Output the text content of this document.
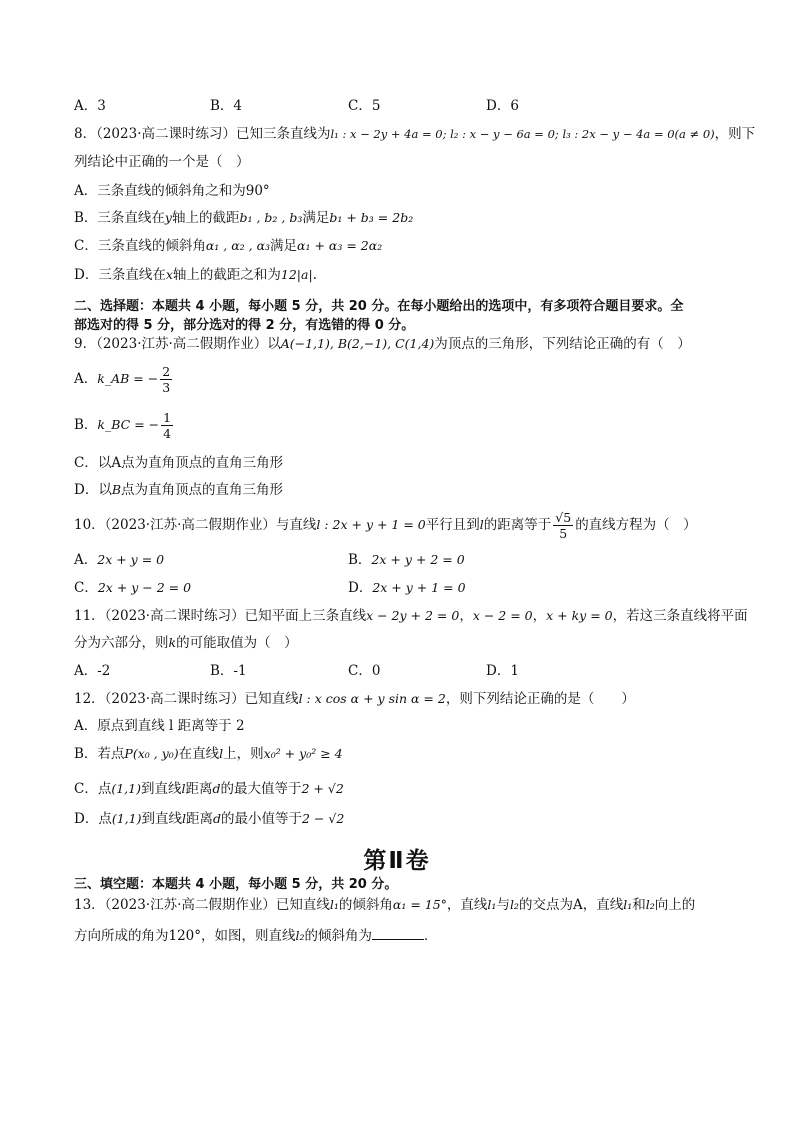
A．3	B．4	C．5	D．6
8．（2023·高二课时练习）已知三条直线为l₁ : x − 2y + 4a = 0; l₂ : x − y − 6a = 0; l₃ : 2x − y − 4a = 0(a ≠ 0)，则下
列结论中正确的一个是（　）
A．三条直线的倾斜角之和为90°
B．三条直线在y轴上的截距b₁ , b₂ , b₃满足b₁ + b₃ = 2b₂
C．三条直线的倾斜角α₁ , α₂ , α₃满足α₁ + α₃ = 2α₂
D．三条直线在x轴上的截距之和为12|a|.
二、选择题：本题共 4 小题，每小题 5 分，共 20 分。在每小题给出的选项中，有多项符合题目要求。全
部选对的得 5 分，部分选对的得 2 分，有选错的得 0 分。
9．（2023·江苏·高二假期作业）以A(−1,1), B(2,−1), C(1,4)为顶点的三角形，下列结论正确的有（　）
A．k_AB = − $\frac{2}{3}$
B．k_BC = − $\frac{1}{4}$
C．以A点为直角顶点的直角三角形
D．以B点为直角顶点的直角三角形
10．（2023·江苏·高二假期作业）与直线l : 2x + y + 1 = 0平行且到l的距离等于 $\frac{√5}{5}$ 的直线方程为（　）
A．2x + y = 0	B．2x + y + 2 = 0
C．2x + y − 2 = 0	D．2x + y + 1 = 0
11．（2023·高二课时练习）已知平面上三条直线x − 2y + 2 = 0，x − 2 = 0，x + ky = 0，若这三条直线将平面
分为六部分，则k的可能取值为（　）
A．-2	B．-1	C．0	D．1
12．（2023·高二课时练习）已知直线l : x cos α + y sin α = 2，则下列结论正确的是（　　）
A．原点到直线 l 距离等于 2
B．若点P(x₀ , y₀)在直线l上，则x₀² + y₀² ≥ 4
C．点(1,1)到直线l距离d的最大值等于2 + √2
D．点(1,1)到直线l距离d的最小值等于2 − √2
第Ⅱ卷
三、填空题：本题共 4 小题，每小题 5 分，共 20 分。
13．（2023·江苏·高二假期作业）已知直线l₁的倾斜角α₁ = 15°，直线l₁与l₂的交点为A，直线l₁和l₂向上的
方向所成的角为120°，如图，则直线l₂的倾斜角为	．
